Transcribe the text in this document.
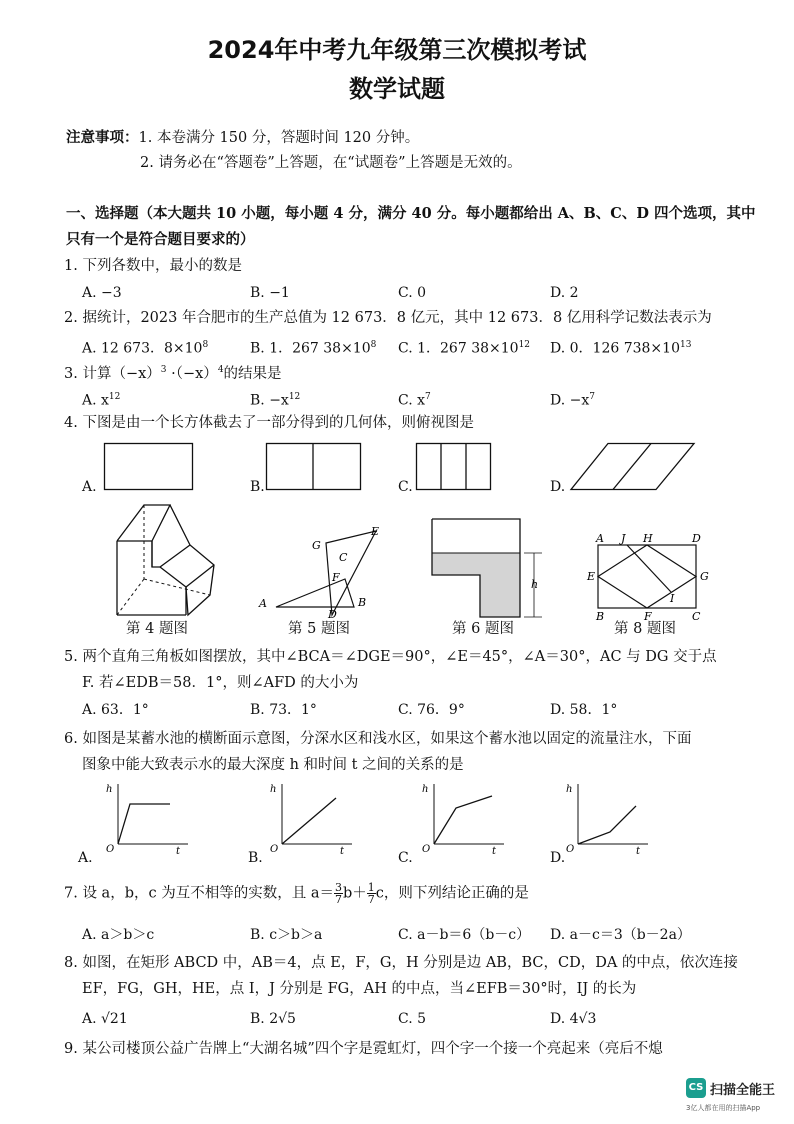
2024年中考九年级第三次模拟考试
数学试题
注意事项：1. 本卷满分 150 分，答题时间 120 分钟。
2. 请务必在“答题卷”上答题，在“试题卷”上答题是无效的。
一、选择题（本大题共 10 小题，每小题 4 分，满分 40 分。每小题都给出 A、B、C、D 四个选项，其中
只有一个是符合题目要求的）
1. 下列各数中，最小的数是
A. −3	B. −1	C. 0	D. 2
2. 据统计，2023 年合肥市的生产总值为 12 673．8 亿元，其中 12 673．8 亿用科学记数法表示为
A. 12 673．$8\times 10^8$	B. 1．267 $38\times 10^8$ C. 1．267 $38\times 10^{12}$ D. 0．126 $738\times 10^{13}$
3. 计算$(-x)^3 \cdot(-x)^4$的结果是
A. $x^{12}$	B. $-x^{12}$	C. $x^7$	D. $-x^7$
4. 下图是由一个长方体截去了一部分得到的几何体，则俯视图是
A.	B.	C.	D.
第 4 题图
A	B
C
D
E
F
G
第 5 题图
h
第 6 题图
A J H	D
E	G
I
B	F	C
第 8 题图
5. 两个直角三角板如图摆放，其中∠BCA＝∠DGE＝90°，∠E＝45°，∠A＝30°，AC 与 DG 交于点
F. 若∠EDB＝58．1°，则∠AFD 的大小为
A. 63．1°	B. 73．1°	C. 76．9°	D. 58．1°
6. 如图是某蓄水池的横断面示意图，分深水区和浅水区，如果这个蓄水池以固定的流量注水，下面
图象中能大致表示水的最大深度 h 和时间 t 之间的关系的是
A.	B.	C.	D.
h
O	t
h
O	t
h
O	t
h
O	t
7. 设 a，b，c 为互不相等的实数，且 $a= \frac{3}{7} b+ \frac{1}{7}$ c，则下列结论正确的是
A. a＞b＞c	B. c＞b＞a	C. a－b＝6（b－c） D. a－c＝3（b－2a）
8. 如图，在矩形 ABCD 中，AB＝4，点 E，F，G，H 分别是边 AB，BC，CD，DA 的中点，依次连接
EF，FG，GH，HE，点 I，J 分别是 FG，AH 的中点，当∠EFB＝30°时，IJ 的长为
A. √21	B. 2√5	C. 5	D. 4√3
9. 某公司楼顶公益广告牌上“大湖名城”四个字是霓虹灯，四个字一个接一个亮起来（亮后不熄
CS 扫描全能王
3亿人都在用的扫描App
